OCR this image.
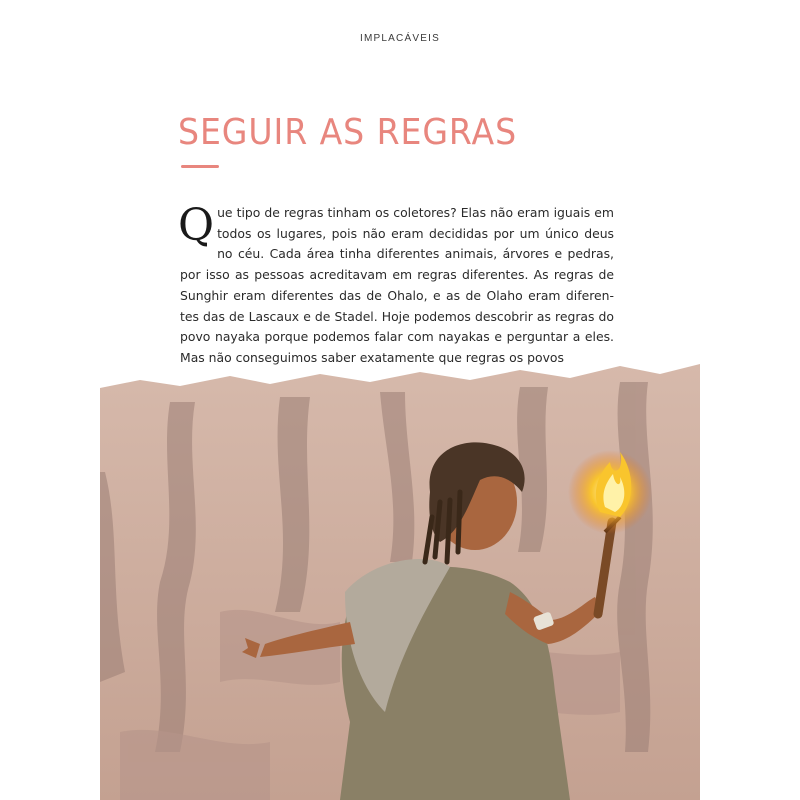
IMPLACÁVEIS
SEGUIR AS REGRAS
Que tipo de regras tinham os coletores? Elas não eram iguais em todos os lugares, pois não eram decididas por um único deus no céu. Cada área tinha diferentes animais, árvores e pedras, por isso as pessoas acreditavam em regras diferentes. As regras de Sunghir eram diferentes das de Ohalo, e as de Olaho eram diferen-tes das de Lascaux e de Stadel. Hoje podemos descobrir as regras do povo nayaka porque podemos falar com nayakas e perguntar a eles. Mas não conseguimos saber exatamente que regras os povos
